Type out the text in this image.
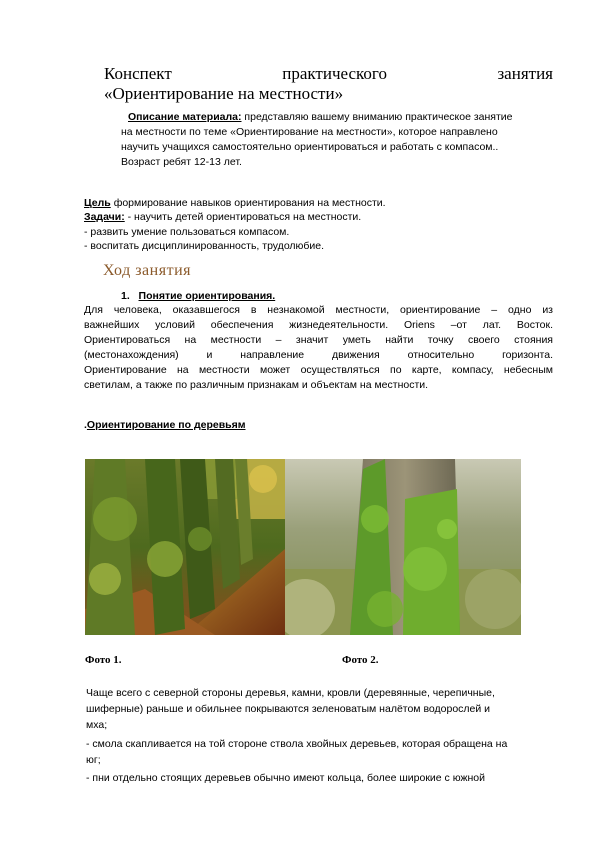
Конспект	практического	занятия
«Ориентирование на местности»
Описание материала: представляю вашему вниманию практическое занятие
на местности по теме «Ориентирование на местности», которое направлено
научить учащихся самостоятельно ориентироваться и работать с компасом..
Возраст ребят 12-13 лет.
Цель формирование навыков ориентирования на местности.
Задачи: - научить детей ориентироваться на местности.
- развить умение пользоваться компасом.
- воспитать дисциплинированность, трудолюбие.
Ход занятия
1. Понятие ориентирования.
Для человека, оказавшегося в незнакомой местности, ориентирование – одно из
важнейших условий обеспечения жизнедеятельности. Oriens –от лат. Восток.
Ориентироваться на местности – значит уметь найти точку своего стояния
(местонахождения) и направление движения относительно горизонта.
Ориентирование на местности может осуществляться по карте, компасу, небесным
светилам, а также по различным признакам и объектам на местности.
.Ориентирование по деревьям
Фото 1.	Фото 2.
Чаще всего с северной стороны деревья, камни, кровли (деревянные, черепичные,
шиферные) раньше и обильнее покрываются зеленоватым налётом водорослей и
мха;
- смола скапливается на той стороне ствола хвойных деревьев, которая обращена на
юг;
- пни отдельно стоящих деревьев обычно имеют кольца, более широкие с южной
